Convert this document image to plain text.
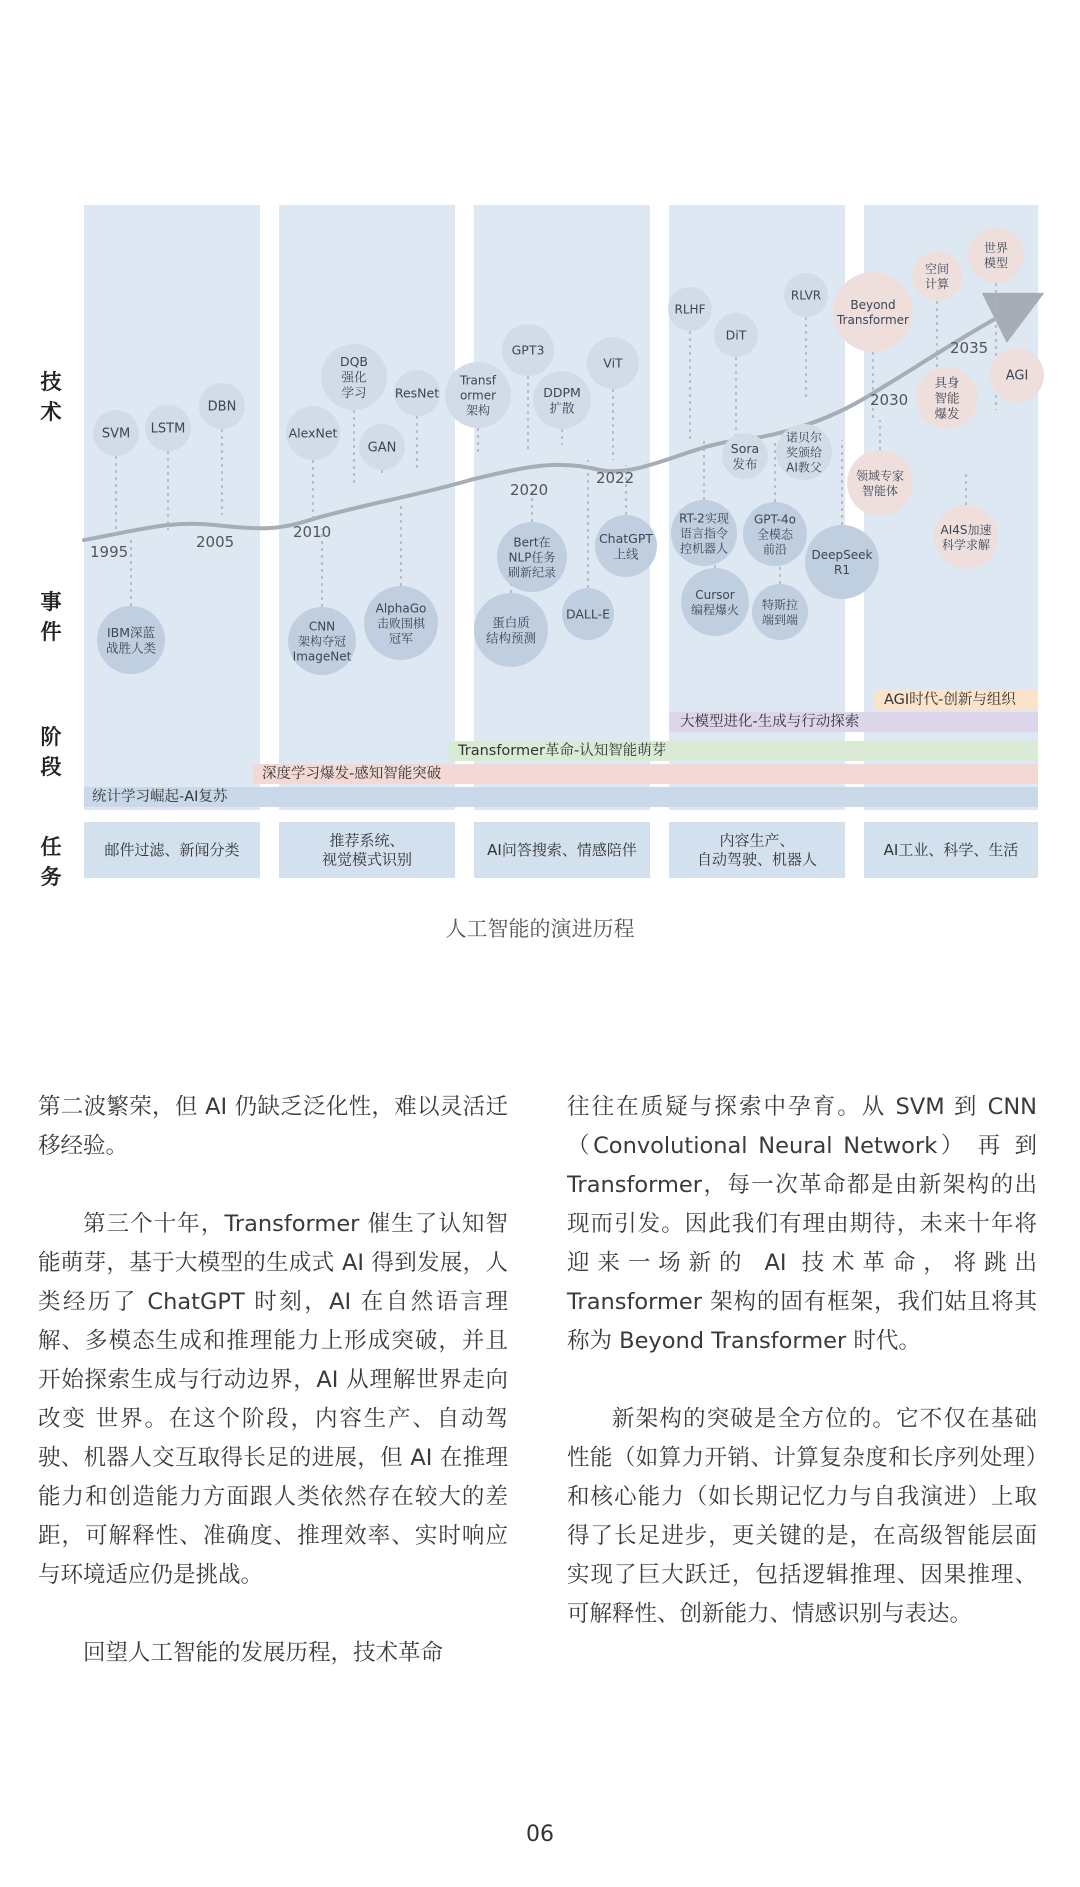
统计学习崛起-AI复苏
深度学习爆发-感知智能突破
Transformer革命-认知智能萌芽
大模型进化-生成与行动探索
AGI时代-创新与组织
邮件过滤、新闻分类
推荐系统、
视觉模式识别
AI问答搜索、情感陪伴
内容生产、
自动驾驶、机器人
AI工业、科学、生活
SVM LSTM
DBN
AlexNet
DQB
强化
学习
GAN
ResNet
Transf
ormer
架构
GPT3
DDPM
扩散
ViT
RLHF
DiT
RLVR
Sora
发布
诺贝尔
奖颁给
AI教父
Beyond
Transformer
空间
计算
世界
模型
具身
智能
爆发
AGI
IBM深蓝
战胜人类
CNN
架构夺冠
ImageNet
AlphaGo
击败围棋
冠军
Bert在
NLP任务
刷新纪录
蛋白质
结构预测
DALL-E
ChatGPT
上线
RT-2实现
语言指令
控机器人
GPT-4o
全模态
前沿
Cursor
编程爆火 特斯拉
端到端
DeepSeek
R1
领域专家
智能体
AI4S加速
科学求解
1995
2005
2010
2020
2022
2030
2035
技
术
事
件
阶
段
任
务
人工智能的演进历程

第二波繁荣，但 AI 仍缺乏泛化性，难以灵活迁移经验。

第三个十年，Transformer 催生了认知智能萌芽，基于大模型的生成式 AI 得到发展，人类经历了 ChatGPT 时刻，AI 在自然语言理解、多模态生成和推理能力上形成突破，并且开始探索生成与行动边界，AI 从理解世界走向改变 世界。在这个阶段，内容生产、自动驾驶、机器人交互取得长足的进展，但 AI 在推理能力和创造能力方面跟人类依然存在较大的差距，可解释性、准确度、推理效率、实时响应与环境适应仍是挑战。

回望人工智能的发展历程，技术革命

往往在质疑与探索中孕育。从 SVM 到 CNN（Convolutional Neural Network） 再 到 Transformer，每一次革命都是由新架构的出现而引发。因此我们有理由期待，未来十年将迎来一场新的 AI 技术革命，将跳出 Transformer 架构的固有框架，我们姑且将其称为 Beyond Transformer 时代。

新架构的突破是全方位的。它不仅在基础性能（如算力开销、计算复杂度和长序列处理）和核心能力（如长期记忆力与自我演进）上取得了长足进步，更关键的是，在高级智能层面实现了巨大跃迁，包括逻辑推理、因果推理、可解释性、创新能力、情感识别与表达。

06
